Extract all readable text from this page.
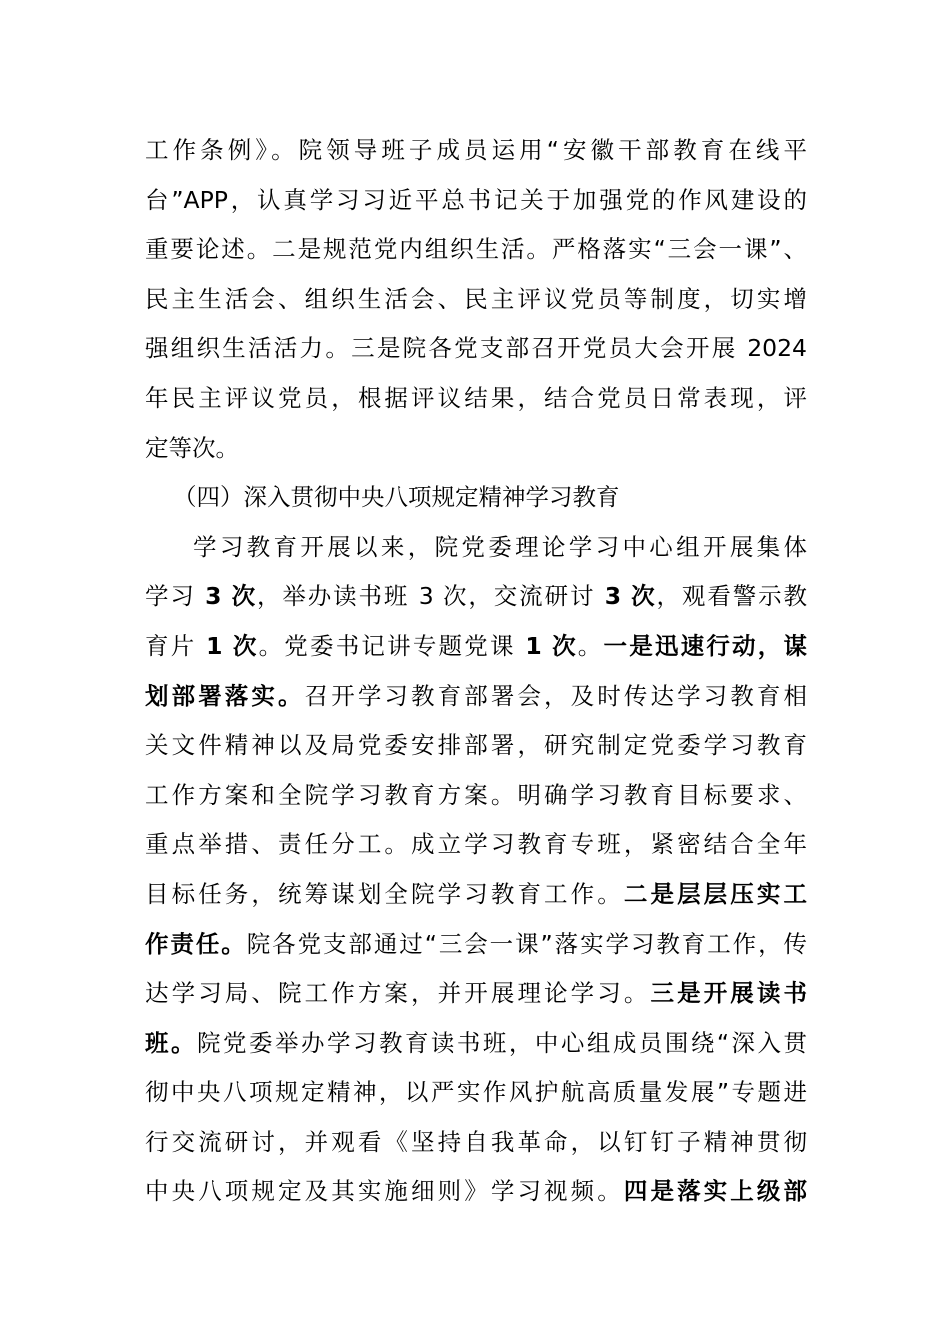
工作条例》。院领导班子成员运用“安徽干部教育在线平
台”APP，认真学习习近平总书记关于加强党的作风建设的
重要论述。二是规范党内组织生活。严格落实“三会一课”、
民主生活会、组织生活会、民主评议党员等制度，切实增
强组织生活活力。三是院各党支部召开党员大会开展 2024
年民主评议党员，根据评议结果，结合党员日常表现，评
定等次。
（四）深入贯彻中央八项规定精神学习教育
学习教育开展以来，院党委理论学习中心组开展集体
学习 3 次，举办读书班 3 次，交流研讨 3 次，观看警示教
育片 1 次。党委书记讲专题党课 1 次。一是迅速行动，谋
划部署落实。召开学习教育部署会，及时传达学习教育相
关文件精神以及局党委安排部署，研究制定党委学习教育
工作方案和全院学习教育方案。明确学习教育目标要求、
重点举措、责任分工。成立学习教育专班，紧密结合全年
目标任务，统筹谋划全院学习教育工作。二是层层压实工
作责任。院各党支部通过“三会一课”落实学习教育工作，传
达学习局、院工作方案，并开展理论学习。三是开展读书
班。院党委举办学习教育读书班，中心组成员围绕“深入贯
彻中央八项规定精神，以严实作风护航高质量发展”专题进
行交流研讨，并观看《坚持自我革命，以钉钉子精神贯彻
中央八项规定及其实施细则》学习视频。四是落实上级部
